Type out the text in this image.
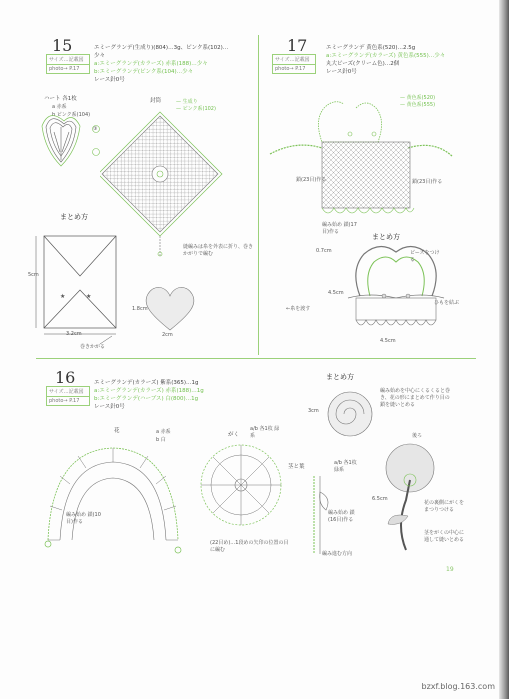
15
サイズ…記載図
photo→ P.17
エミーグランデ(生成り)(804)…3g、ピンク系(102)…
少々
a:エミーグランデ(カラーズ) 赤系(188)…少々
b:エミーグランデ(ピンク系(104)…少々
レース針0号
ハート 各1枚
a 赤系
b ピンク系(104)
③
封筒	— 生成り
— ピンク系(102)
縫編みは糸を外表に折り、巻きかがりで編む
まとめ方
★	★
5cm
3.2cm
巻きかがる
1.8cm
2cm
17
サイズ…記載図
photo→ P.17
エミーグランデ 黄色系(520)…2.5g
a:エミーグランデ(カラーズ) 黄色系(555)…少々
丸大ビーズ(クリーム色)…2個
レース針0号
— 黄色系(520)
— 黄色系(555)
鎖(23目)作る	鎖(23目)作る
編み始め 鎖(17目)作る
まとめ方
ビーズをつける
ひもを結ぶ
←糸を渡す
0.7cm
4.5cm
4.5cm
16
サイズ…記載図
photo→ P.17
エミーグランデ(カラーズ) 紫系(365)…1g
a:エミーグランデ(カラーズ) 赤系(188)…1g
b:エミーグランデ(ハーブス) 白(800)…1g
レース針0号
花	a 赤系
b 白
編み始め 鎖(10目)作る
がく
a/b 各1枚 緑系
(22目め)…1段めの矢印の位置の目に編む
茎と葉
a/b 各1枚 緑系
編み始め 鎖(16目)作る
編み進む方向
まとめ方
編み始めを中心にくるくると巻き、花の形にまとめて作り目の鎖を縫いとめる
3cm
後ろ
6.5cm
花の裏側にがくをまつりつける
茎をがくの中心に通して縫いとめる
19
bzxf.blog.163.com
